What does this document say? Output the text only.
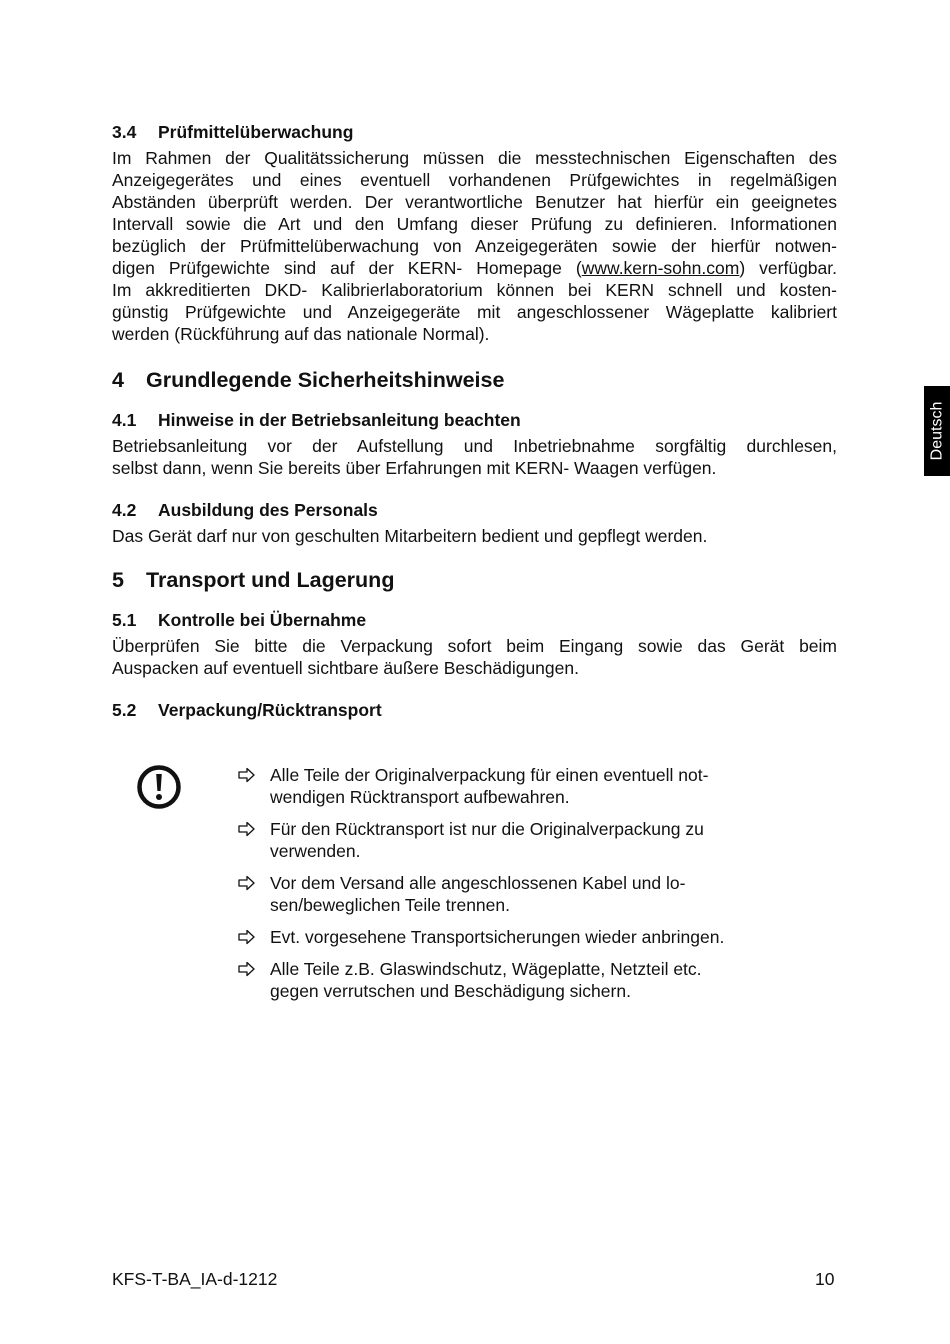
Deutsch
3.4 Prüfmittelüberwachung
Im Rahmen der Qualitätssicherung müssen die messtechnischen Eigenschaften des
Anzeigegerätes und eines eventuell vorhandenen Prüfgewichtes in regelmäßigen
Abständen überprüft werden. Der verantwortliche Benutzer hat hierfür ein geeignetes
Intervall sowie die Art und den Umfang dieser Prüfung zu definieren. Informationen
bezüglich der Prüfmittelüberwachung von Anzeigegeräten sowie der hierfür notwen-
digen Prüfgewichte sind auf der KERN- Homepage (www.kern-sohn.com) verfügbar.
Im akkreditierten DKD- Kalibrierlaboratorium können bei KERN schnell und kosten-
günstig Prüfgewichte und Anzeigegeräte mit angeschlossener Wägeplatte kalibriert
werden (Rückführung auf das nationale Normal).
4 Grundlegende Sicherheitshinweise
4.1 Hinweise in der Betriebsanleitung beachten
Betriebsanleitung vor der Aufstellung und Inbetriebnahme sorgfältig durchlesen,
selbst dann, wenn Sie bereits über Erfahrungen mit KERN- Waagen verfügen.
4.2 Ausbildung des Personals
Das Gerät darf nur von geschulten Mitarbeitern bedient und gepflegt werden.
5 Transport und Lagerung
5.1 Kontrolle bei Übernahme
Überprüfen Sie bitte die Verpackung sofort beim Eingang sowie das Gerät beim
Auspacken auf eventuell sichtbare äußere Beschädigungen.
5.2 Verpackung/Rücktransport
Alle Teile der Originalverpackung für einen eventuell not-
wendigen Rücktransport aufbewahren.
Für den Rücktransport ist nur die Originalverpackung zu
verwenden.
Vor dem Versand alle angeschlossenen Kabel und lo-
sen/beweglichen Teile trennen.
Evt. vorgesehene Transportsicherungen wieder anbringen.
Alle Teile z.B. Glaswindschutz, Wägeplatte, Netzteil etc.
gegen verrutschen und Beschädigung sichern.
KFS-T-BA_IA-d-1212	10
